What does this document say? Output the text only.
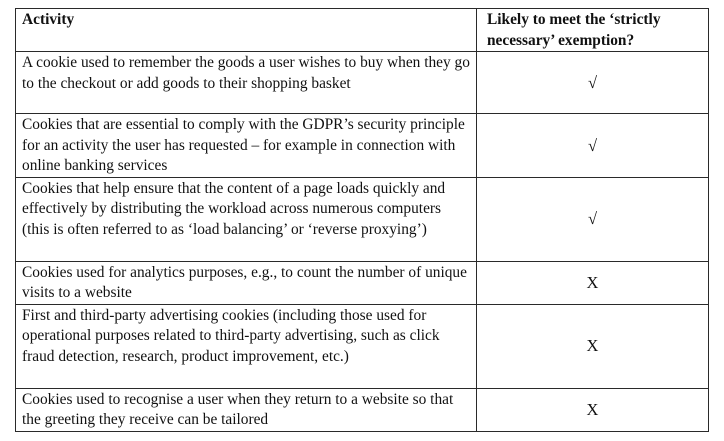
Activity	Likely to meet the ‘strictly necessary’ exemption?
A cookie used to remember the goods a user wishes to buy when they go to the checkout or add goods to their shopping basket	√
Cookies that are essential to comply with the GDPR’s security principle for an activity the user has requested – for example in connection with online banking services	√
Cookies that help ensure that the content of a page loads quickly and effectively by distributing the workload across numerous computers (this is often referred to as ‘load balancing’ or ‘reverse proxying’)	√
Cookies used for analytics purposes, e.g., to count the number of unique visits to a website	X
First and third-party advertising cookies (including those used for operational purposes related to third-party advertising, such as click fraud detection, research, product improvement, etc.)	X
Cookies used to recognise a user when they return to a website so that the greeting they receive can be tailored	X
